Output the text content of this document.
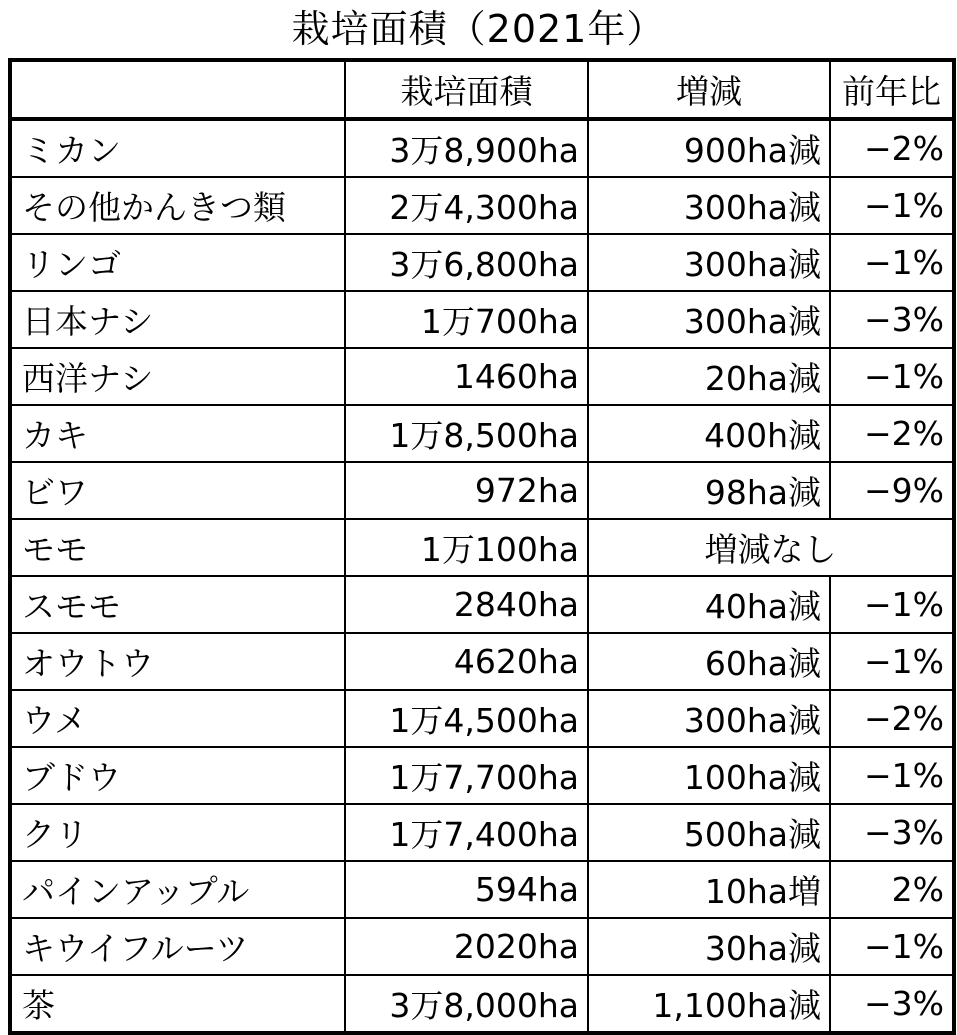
栽培面積（2021年）
	栽培面積	増減	前年比
ミカン	3万8,900ha	900ha減	−2%
その他かんきつ類	2万4,300ha	300ha減	−1%
リンゴ	3万6,800ha	300ha減	−1%
日本ナシ	1万700ha	300ha減	−3%
西洋ナシ	1460ha	20ha減	−1%
カキ	1万8,500ha	400h減	−2%
ビワ	972ha	98ha減	−9%
モモ	1万100ha	増減なし	
スモモ	2840ha	40ha減	−1%
オウトウ	4620ha	60ha減	−1%
ウメ	1万4,500ha	300ha減	−2%
ブドウ	1万7,700ha	100ha減	−1%
クリ	1万7,400ha	500ha減	−3%
パインアップル	594ha	10ha増	2%
キウイフルーツ	2020ha	30ha減	−1%
茶	3万8,000ha	1,100ha減	−3%
